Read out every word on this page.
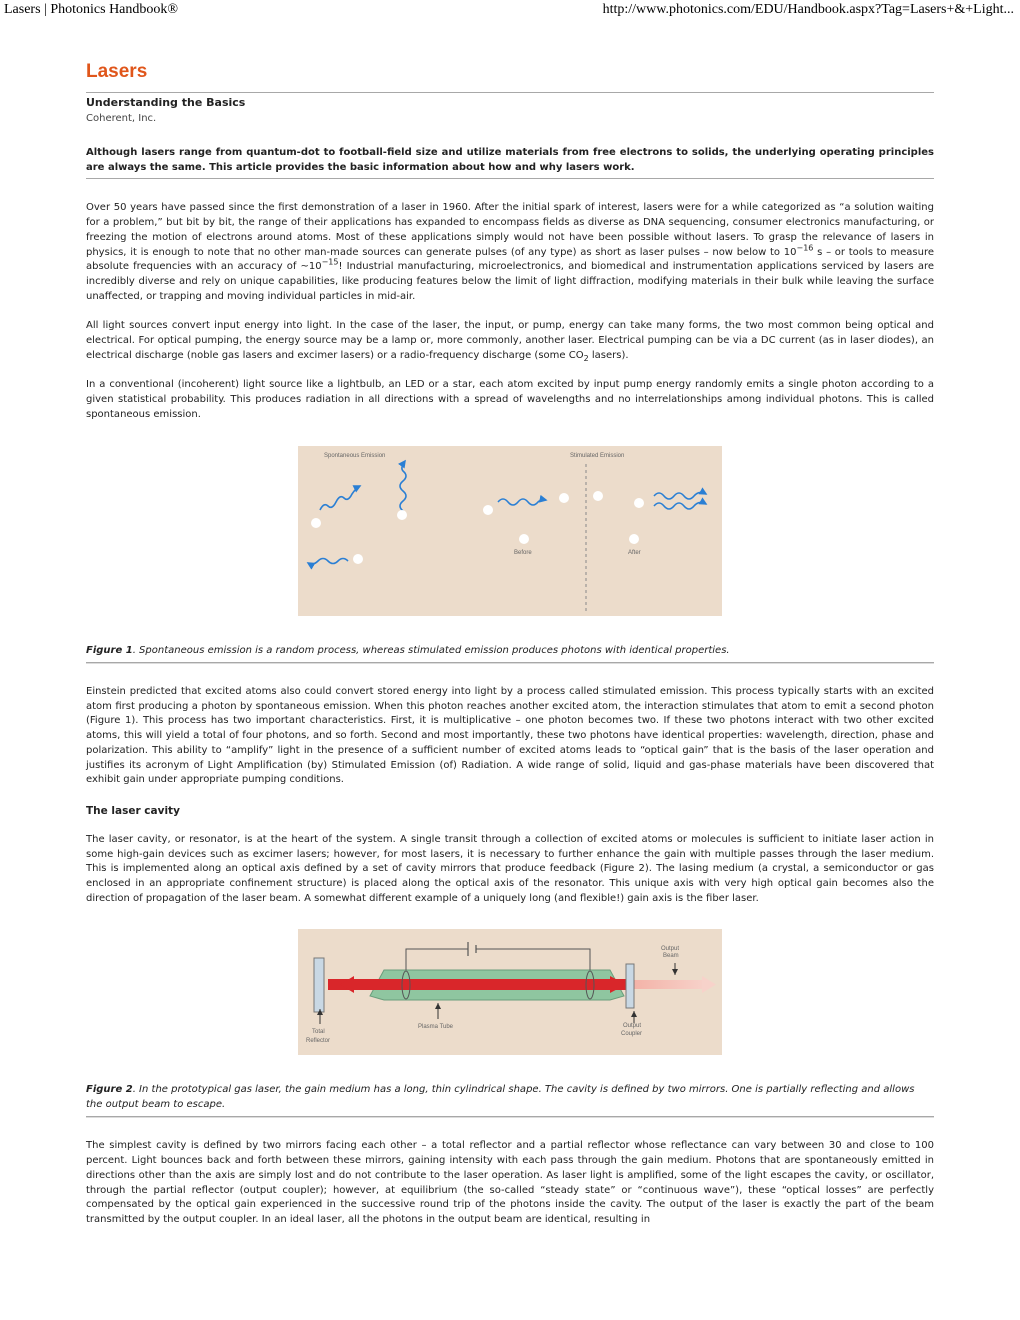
Lasers | Photonics Handbook®	http://www.photonics.com/EDU/Handbook.aspx?Tag=Lasers+&+Light...
Lasers
Understanding the Basics
Coherent, Inc.
Although lasers range from quantum-dot to football-field size and utilize materials from free electrons to solids, the underlying operating principles are always the same. This article provides the basic information about how and why lasers work.

Over 50 years have passed since the first demonstration of a laser in 1960. After the initial spark of interest, lasers were for a while categorized as “a solution waiting for a problem,” but bit by bit, the range of their applications has expanded to encompass fields as diverse as DNA sequencing, consumer electronics manufacturing, or freezing the motion of electrons around atoms. Most of these applications simply would not have been possible without lasers. To grasp the relevance of lasers in physics, it is enough to note that no other man-made sources can generate pulses (of any type) as short as laser pulses – now below to $10^{-16}$ s – or tools to measure absolute frequencies with an accuracy of $\sim 10^{-15}$! Industrial manufacturing, microelectronics, and biomedical and instrumentation applications serviced by lasers are incredibly diverse and rely on unique capabilities, like producing features below the limit of light diffraction, modifying materials in their bulk while leaving the surface unaffected, or trapping and moving individual particles in mid-air.

All light sources convert input energy into light. In the case of the laser, the input, or pump, energy can take many forms, the two most common being optical and electrical. For optical pumping, the energy source may be a lamp or, more commonly, another laser. Electrical pumping can be via a DC current (as in laser diodes), an electrical discharge (noble gas lasers and excimer lasers) or a radio-frequency discharge (some $CO_2$ lasers).

In a conventional (incoherent) light source like a lightbulb, an LED or a star, each atom excited by input pump energy randomly emits a single photon according to a given statistical probability. This produces radiation in all directions with a spread of wavelengths and no interrelationships among individual photons. This is called spontaneous emission.

Spontaneous Emission	Stimulated Emission
Before	After
Figure 1. Spontaneous emission is a random process, whereas stimulated emission produces photons with identical properties.

Einstein predicted that excited atoms also could convert stored energy into light by a process called stimulated emission. This process typically starts with an excited atom first producing a photon by spontaneous emission. When this photon reaches another excited atom, the interaction stimulates that atom to emit a second photon (Figure 1). This process has two important characteristics. First, it is multiplicative – one photon becomes two. If these two photons interact with two other excited atoms, this will yield a total of four photons, and so forth. Second and most importantly, these two photons have identical properties: wavelength, direction, phase and polarization. This ability to “amplify” light in the presence of a sufficient number of excited atoms leads to “optical gain” that is the basis of the laser operation and justifies its acronym of Light Amplification (by) Stimulated Emission (of) Radiation. A wide range of solid, liquid and gas-phase materials have been discovered that exhibit gain under appropriate pumping conditions.

The laser cavity

The laser cavity, or resonator, is at the heart of the system. A single transit through a collection of excited atoms or molecules is sufficient to initiate laser action in some high-gain devices such as excimer lasers; however, for most lasers, it is necessary to further enhance the gain with multiple passes through the laser medium. This is implemented along an optical axis defined by a set of cavity mirrors that produce feedback (Figure 2). The lasing medium (a crystal, a semiconductor or gas enclosed in an appropriate confinement structure) is placed along the optical axis of the resonator. This unique axis with very high optical gain becomes also the direction of propagation of the laser beam. A somewhat different example of a uniquely long (and flexible!) gain axis is the fiber laser.

Output
Beam
Total
Reflector
Plasma Tube	Output
Coupler
Figure 2. In the prototypical gas laser, the gain medium has a long, thin cylindrical shape. The cavity is defined by two mirrors. One is partially reflecting and allows the output beam to escape.

The simplest cavity is defined by two mirrors facing each other – a total reflector and a partial reflector whose reflectance can vary between 30 and close to 100 percent. Light bounces back and forth between these mirrors, gaining intensity with each pass through the gain medium. Photons that are spontaneously emitted in directions other than the axis are simply lost and do not contribute to the laser operation. As laser light is amplified, some of the light escapes the cavity, or oscillator, through the partial reflector (output coupler); however, at equilibrium (the so-called “steady state” or “continuous wave”), these “optical losses” are perfectly compensated by the optical gain experienced in the successive round trip of the photons inside the cavity. The output of the laser is exactly the part of the beam transmitted by the output coupler. In an ideal laser, all the photons in the output beam are identical, resulting in
